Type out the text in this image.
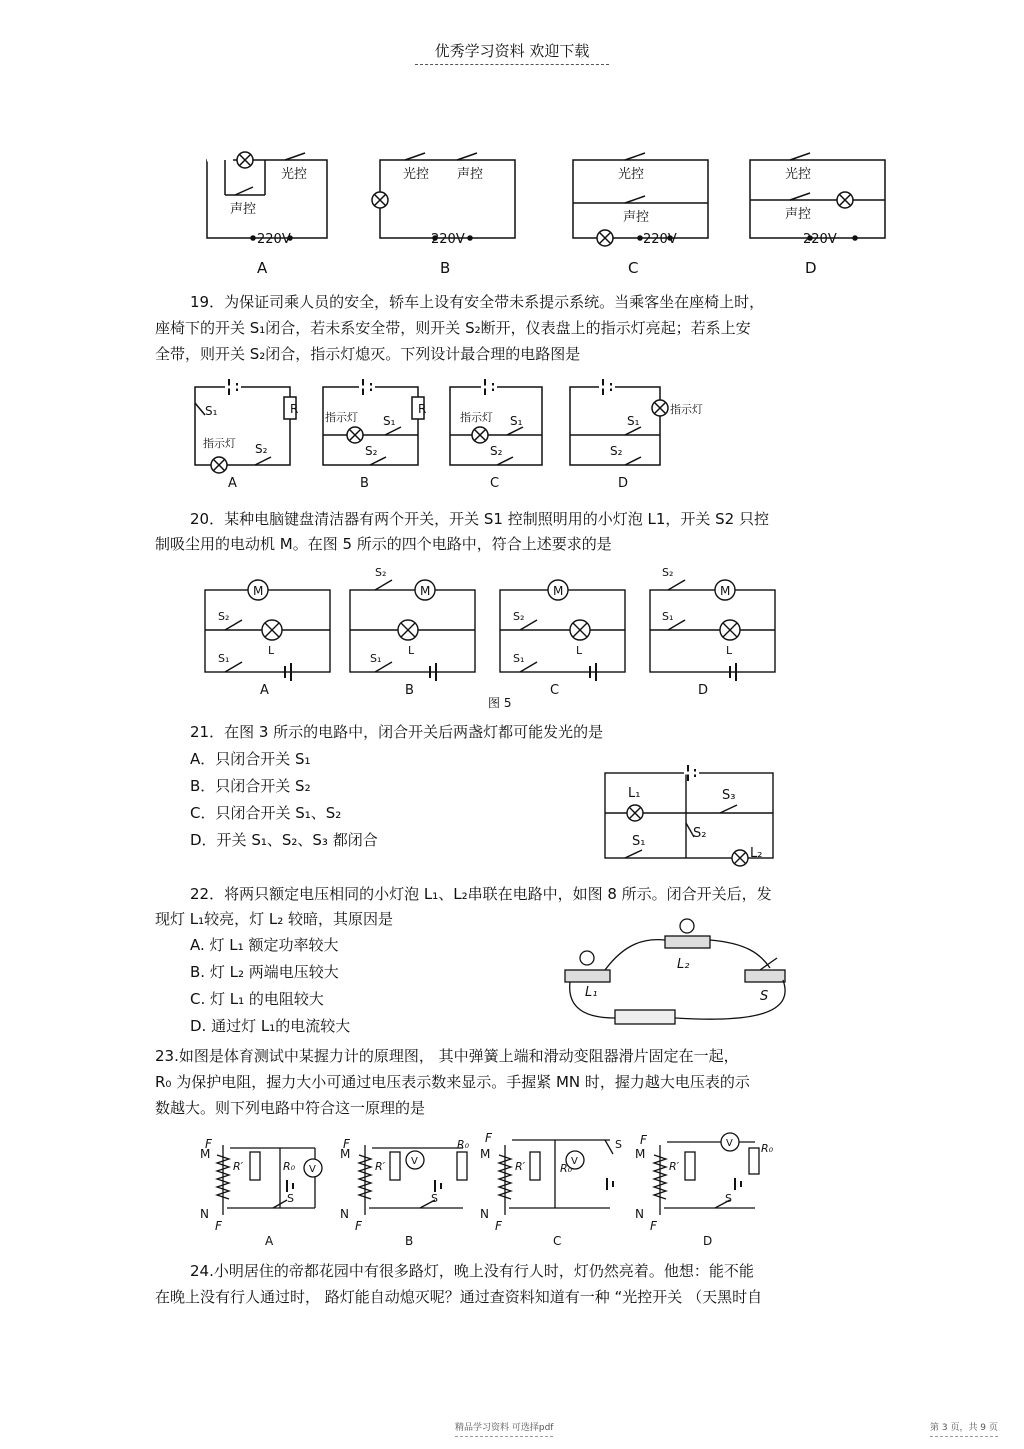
优秀学习资料 欢迎下载
光控
声控
220V
A
光控 声控
220V
B
光控
声控
220V
C
光控
声控
220V
D
19．为保证司乘人员的安全，轿车上设有安全带未系提示系统。当乘客坐在座椅上时，
座椅下的开关 S₁闭合，若未系安全带，则开关 S₂断开，仪表盘上的指示灯亮起；若系上安
全带，则开关 S₂闭合，指示灯熄灭。下列设计最合理的电路图是
S₁	R
指示灯 S₂
A
指示灯 S₁
S₂
R
B
指示灯 S₁
S₂
C
指示灯
S₁
S₂
D
20．某种电脑键盘清洁器有两个开关，开关 S1 控制照明用的小灯泡 L1，开关 S2 只控
制吸尘用的电动机 M。在图 5 所示的四个电路中，符合上述要求的是
M
S₂
L
S₁
A
M
S₂
L
S₁
B
M
S₂
L
S₁
C
M
S₂
S₁
L
D
图 5
21．在图 3 所示的电路中，闭合开关后两盏灯都可能发光的是
A．只闭合开关 S₁
B．只闭合开关 S₂
C．只闭合开关 S₁、S₂
D．开关 S₁、S₂、S₃ 都闭合
L₁	S₃
S₂
S₁
L₂
22．将两只额定电压相同的小灯泡 L₁、L₂串联在电路中，如图 8 所示。闭合开关后，发
现灯 L₁较亮，灯 L₂ 较暗，其原因是
A. 灯 L₁ 额定功率较大
B. 灯 L₂ 两端电压较大
C. 灯 L₁ 的电阻较大
D. 通过灯 L₁的电流较大
L₁
L₂
S
23.如图是体育测试中某握力计的原理图， 其中弹簧上端和滑动变阻器滑片固定在一起，
R₀ 为保护电阻，握力大小可通过电压表示数来显示。手握紧 MN 时，握力越大电压表的示
数越大。则下列电路中符合这一原理的是
F
M
R′	R₀ V
S
N
F
A
F
M
R′	V
R₀
S
N
F
B
F
M
R′	R₀
V
S
N
F
C
F
M
R′
V	R₀
S
N
F
D
24.小明居住的帝都花园中有很多路灯，晚上没有行人时，灯仍然亮着。他想：能不能
在晚上没有行人通过时， 路灯能自动熄灭呢？通过查资料知道有一种 “光控开关 （天黑时自
精品学习资料 可选择pdf	第 3 页，共 9 页
